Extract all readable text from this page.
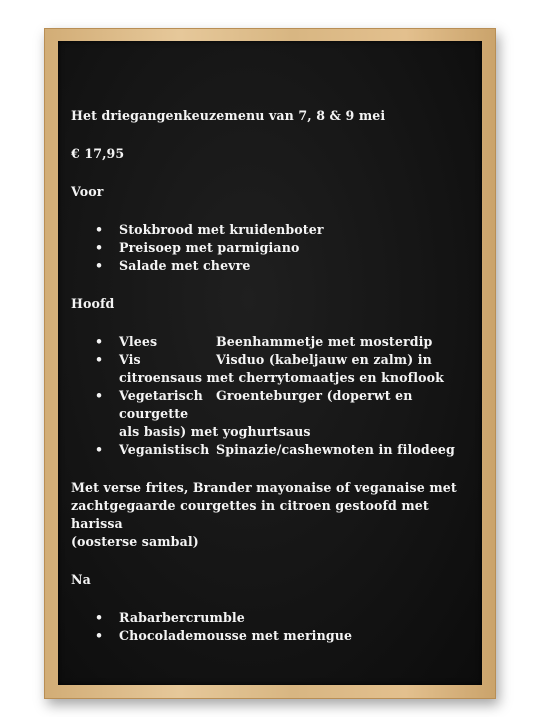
Het driegangenkeuzemenu van 7, 8 & 9 mei

€ 17,95

Voor

• Stokbrood met kruidenboter
• Preisoep met parmigiano
• Salade met chevre

Hoofd

• Vlees	Beenhammetje met mosterdip
• Vis	Visduo (kabeljauw en zalm) in
citroensaus met cherrytomaatjes en knoflook
• Vegetarisch Groenteburger (doperwt en courgette
als basis) met yoghurtsaus
• Veganistisch Spinazie/cashewnoten in filodeeg

Met verse frites, Brander mayonaise of veganaise met
zachtgegaarde courgettes in citroen gestoofd met harissa
(oosterse sambal)

Na

• Rabarbercrumble
• Chocolademousse met meringue
